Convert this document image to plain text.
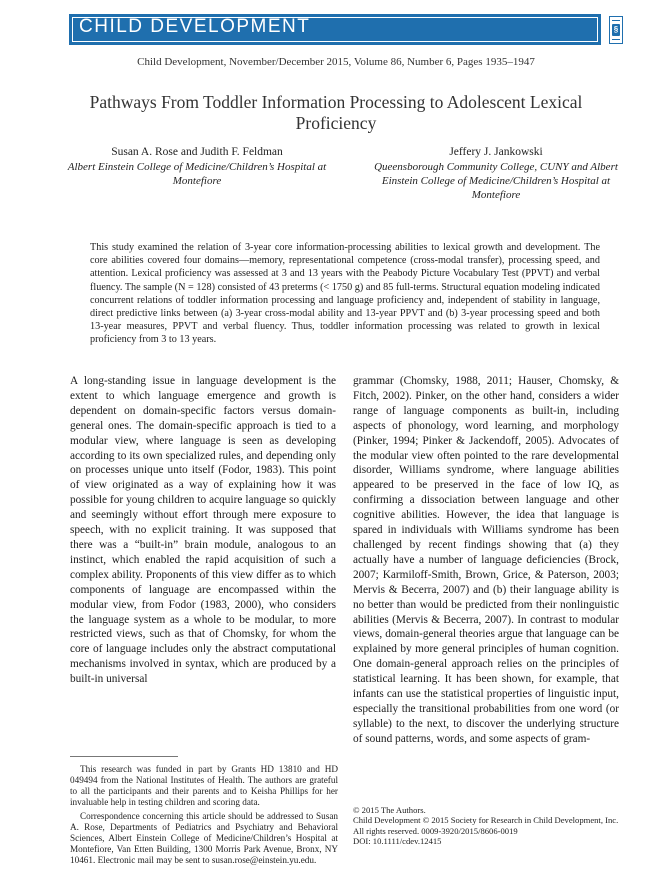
CHILD DEVELOPMENT	§
Child Development, November/December 2015, Volume 86, Number 6, Pages 1935–1947
Pathways From Toddler Information Processing to Adolescent Lexical Proficiency
Susan A. Rose and Judith F. Feldman
Albert Einstein College of Medicine/Children’s Hospital at Montefiore
Jeffery J. Jankowski
Queensborough Community College, CUNY and Albert Einstein College of Medicine/Children’s Hospital at Montefiore
This study examined the relation of 3-year core information-processing abilities to lexical growth and development. The core abilities covered four domains—memory, representational competence (cross-modal transfer), processing speed, and attention. Lexical proficiency was assessed at 3 and 13 years with the Peabody Picture Vocabulary Test (PPVT) and verbal fluency. The sample (N = 128) consisted of 43 preterms (< 1750 g) and 85 full-terms. Structural equation modeling indicated concurrent relations of toddler information processing and language proficiency and, independent of stability in language, direct predictive links between (a) 3-year cross-modal ability and 13-year PPVT and (b) 3-year processing speed and both 13-year measures, PPVT and verbal fluency. Thus, toddler information processing was related to growth in lexical proficiency from 3 to 13 years.
A long-standing issue in language development is the extent to which language emergence and growth is dependent on domain-specific factors versus domain-general ones. The domain-specific approach is tied to a modular view, where language is seen as developing according to its own specialized rules, and depending only on processes unique unto itself (Fodor, 1983). This point of view originated as a way of explaining how it was possible for young children to acquire language so quickly and seemingly without effort through mere exposure to speech, with no explicit training. It was supposed that there was a “built-in” brain module, analogous to an instinct, which enabled the rapid acquisition of such a complex ability. Proponents of this view differ as to which components of language are encompassed within the modular view, from Fodor (1983, 2000), who considers the language system as a whole to be modular, to more restricted views, such as that of Chomsky, for whom the core of language includes only the abstract computational mechanisms involved in syntax, which are produced by a built-in universal
grammar (Chomsky, 1988, 2011; Hauser, Chomsky, & Fitch, 2002). Pinker, on the other hand, considers a wider range of language components as built-in, including aspects of phonology, word learning, and morphology (Pinker, 1994; Pinker & Jackendoff, 2005). Advocates of the modular view often pointed to the rare developmental disorder, Williams syndrome, where language abilities appeared to be preserved in the face of low IQ, as confirming a dissociation between language and other cognitive abilities. However, the idea that language is spared in individuals with Williams syndrome has been challenged by recent findings showing that (a) they actually have a number of language deficiencies (Brock, 2007; Karmiloff-Smith, Brown, Grice, & Paterson, 2003; Mervis & Becerra, 2007) and (b) their language ability is no better than would be predicted from their nonlinguistic abilities (Mervis & Becerra, 2007). In contrast to modular views, domain-general theories argue that language can be explained by more general principles of human cognition. One domain-general approach relies on the principles of statistical learning. It has been shown, for example, that infants can use the statistical properties of linguistic input, especially the transitional probabilities from one word (or syllable) to the next, to discover the underlying structure of sound patterns, words, and some aspects of gram-

This research was funded in part by Grants HD 13810 and HD 049494 from the National Institutes of Health. The authors are grateful to all the participants and their parents and to Keisha Phillips for her invaluable help in testing children and scoring data.

Correspondence concerning this article should be addressed to Susan A. Rose, Departments of Pediatrics and Psychiatry and Behavioral Sciences, Albert Einstein College of Medicine/Children’s Hospital at Montefiore, Van Etten Building, 1300 Morris Park Avenue, Bronx, NY 10461. Electronic mail may be sent to susan.rose@einstein.yu.edu.

© 2015 The Authors.
Child Development © 2015 Society for Research in Child Development, Inc.
All rights reserved. 0009-3920/2015/8606-0019
DOI: 10.1111/cdev.12415
